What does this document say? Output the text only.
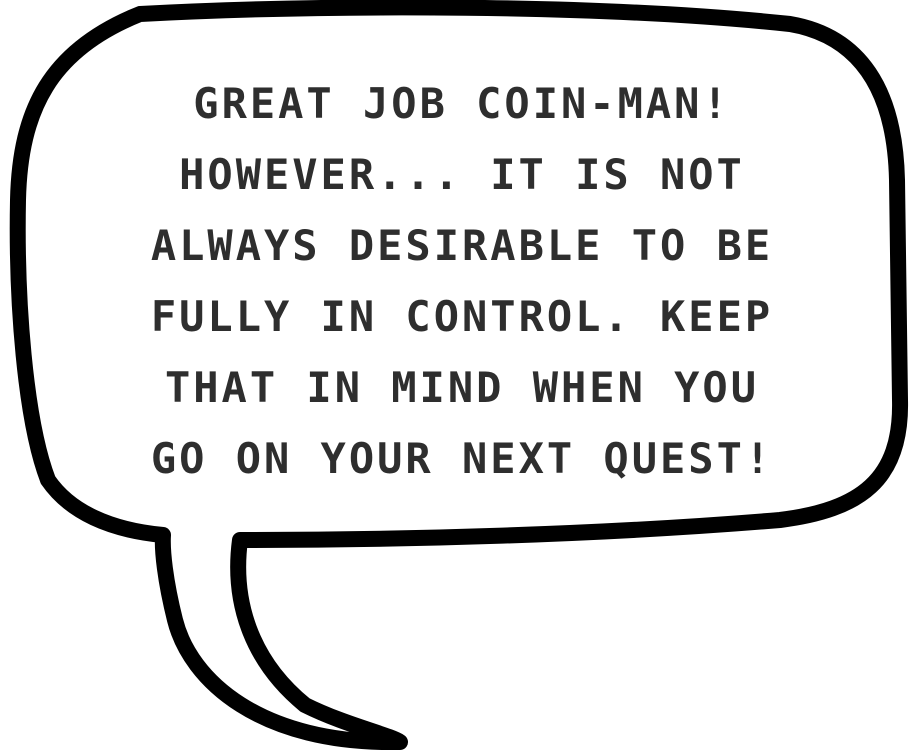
GREAT JOB COIN-MAN!
HOWEVER... IT IS NOT
ALWAYS DESIRABLE TO BE
FULLY IN CONTROL. KEEP
THAT IN MIND WHEN YOU
GO ON YOUR NEXT QUEST!
